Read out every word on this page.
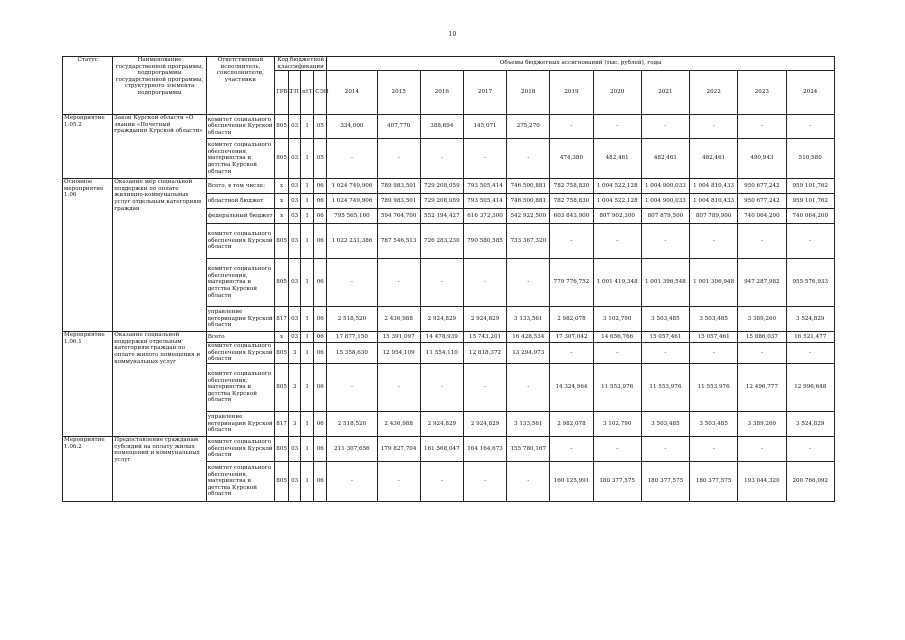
10
Статус	Наименование государственной программы, подпрограммы государственной программы, структурного элемента подпрограммы	Ответственный исполнитель, соисполнители, участники	Код бюджетной классификации				Объемы бюджетных ассигнований (тыс. рублей), годы										
			ГРБС	ГП	пГП	СЭП	2014	2015	2016	2017	2018	2019	2020	2021	2022	2023	2024
Мероприятие 1.05.2	Закон Курской области «О звании «Почетный гражданин Курской области»	комитет социального обеспечения Курской области	805	03	1	05	334,000	407,770	388,694	145,071	275,270	-	-	-	-	-	-
		комитет социального обеспечения, материнства и детства Курской области	805	03	1	05	-	-	-	-	-	474,380	482,461	482,461	482,461	490,943	510,580
Основное мероприятие 1.06	Оказание мер социальной поддержки по оплате жилищно-коммунальных услуг отдельным категориям граждан	Всего, в том числе:	х	03	1	06	1 024 749,906	789 983,501	729 208,059	793 505,414	746 500,881	782 758,830	1 004 522,128	1 004 900,033	1 004 810,433	950 677,242	959 101,762
		областной бюджет	х	03	1	06	1 024 749,906	789 983,501	729 208,059	793 505,414	746 500,881	782 758,830	1 004 522,128	1 004 900,033	1 004 810,433	950 677,242	959 101,762
		федеральный бюджет	х	03	1	06	795 565,100	594 764,700	552 194,427	616 372,300	542 922,500	603 843,900	807 902,300	807 879,500	807 789,900	740 064,200	740 064,200
		комитет социального обеспечения Курской области	805	03	1	06	1 022 231,386	787 546,513	726 283,230	790 580,585	733 367,320	-	-	-	-	-	-
		комитет социального обеспечения, материнства и детства Курской области	805	03	1	06	-	-	-	-	-	779 776,752	1 001 419,348	1 001 396,548	1 001 306,948	947 287,982	955 576,933
		управление ветеринарии Курской области	817	03	1	06	2 518,520	2 436,988	2 924,829	2 924,829	3 133,561	2 982,078	3 102,790	3 503,485	3 503,485	3 389,260	3 524,829
Мероприятие 1.06.1	Оказание социальной поддержки отдельным категориям граждан по оплате жилого помещения и коммунальных услуг	Всего	х	03	1	06	17 877,150	15 391,097	14 478,939	15 743,201	16 428,534	17 307,042	14 656,766	15 057,461	15 057,461	15 886,037	16 521,477
		комитет социального обеспечения Курской области	805	3	1	06	15 358,630	12 954,109	11 554,110	12 818,372	13 294,973	-	-	-	-	-	-
		комитет социального обеспечения, материнства и детства Курской области	805	3	1	06	-	-	-	-	-	14 324,964	11 553,976	11 553,976	11 553,976	12 496,777	12 996,648
		управление ветеринарии Курской области	817	3	1	06	2 518,520	2 436,988	2 924,829	2 924,829	3 133,561	2 982,078	3 102,790	3 503,485	3 503,485	3 389,260	3 524,829
Мероприятие 1.06.2	Предоставление гражданам субсидий на оплату жилых помещений и коммунальных услуг	комитет социального обеспечения Курской области	805	03	1	06	211 307,656	179 827,704	161 568,047	164 164,673	155 780,167	-	-	-	-	-	-
		комитет социального обеспечения, материнства и детства Курской области	805	03	1	06	-	-	-	-	-	160 125,991	180 377,575	180 377,575	180 377,575	193 044,320	200 766,092
